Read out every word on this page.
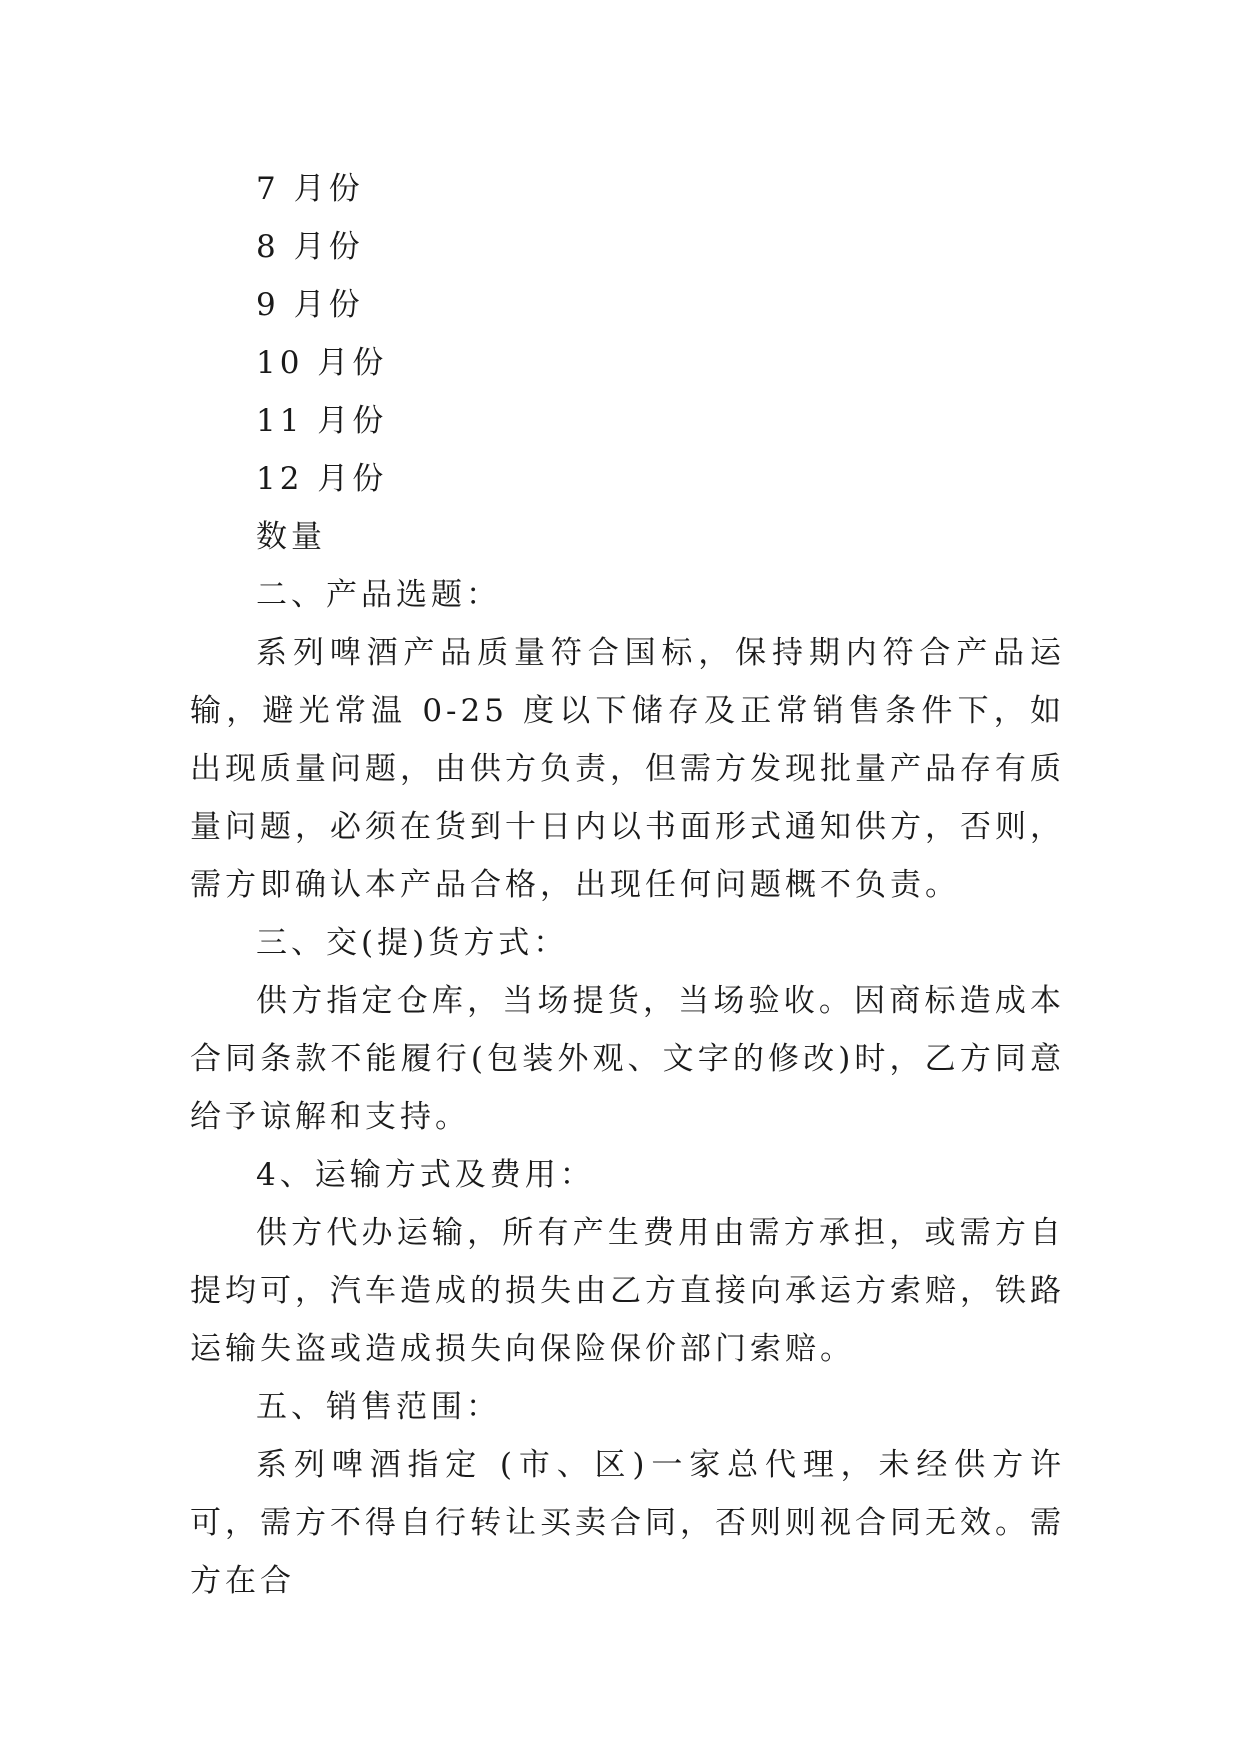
7 月份
8 月份
9 月份
10 月份
11 月份
12 月份
数量
二、产品选题：

系列啤酒产品质量符合国标，保持期内符合产品运输，避光常温 0-25 度以下储存及正常销售条件下，如出现质量问题，由供方负责，但需方发现批量产品存有质量问题，必须在货到十日内以书面形式通知供方，否则，需方即确认本产品合格，出现任何问题概不负责。

三、交(提)货方式：

供方指定仓库，当场提货，当场验收。因商标造成本合同条款不能履行(包装外观、文字的修改)时，乙方同意给予谅解和支持。

4、运输方式及费用：

供方代办运输，所有产生费用由需方承担，或需方自提均可，汽车造成的损失由乙方直接向承运方索赔，铁路运输失盗或造成损失向保险保价部门索赔。

五、销售范围：

系列啤酒指定 (市、区)一家总代理，未经供方许可，需方不得自行转让买卖合同，否则则视合同无效。需方在合
